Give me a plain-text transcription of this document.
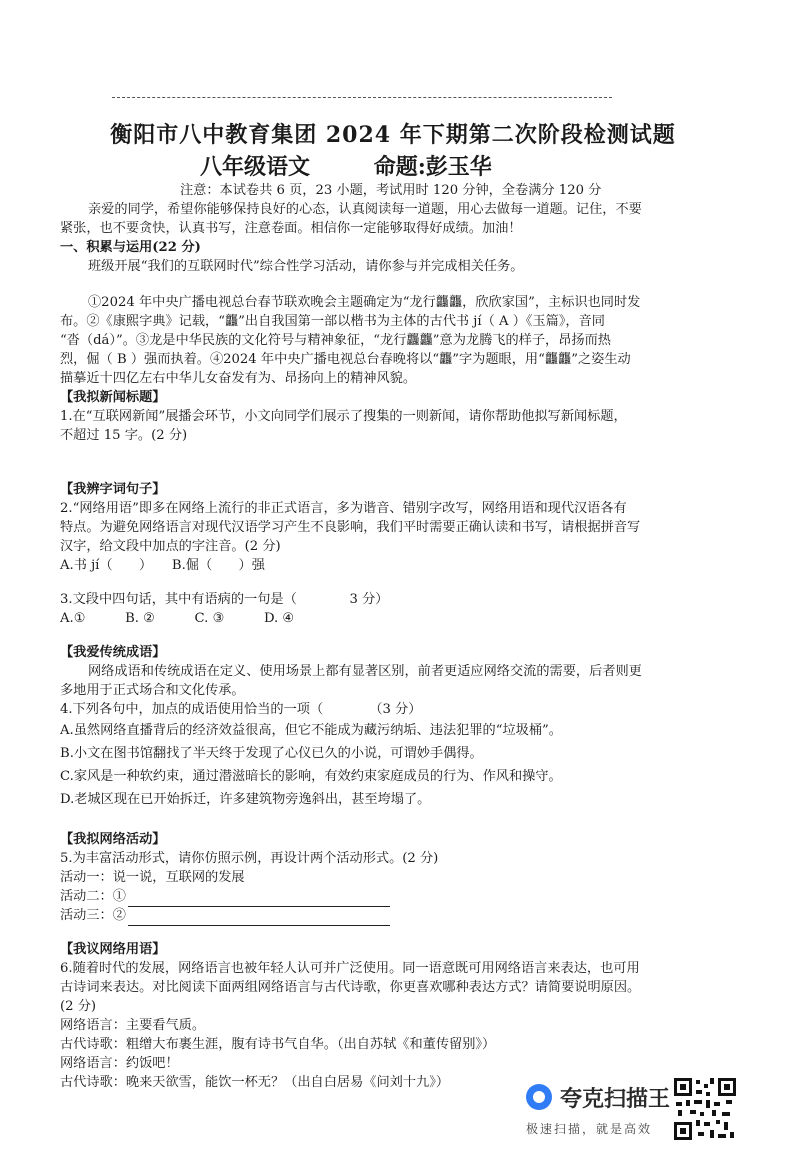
衡阳市八中教育集团 2024 年下期第二次阶段检测试题
八年级语文	命题:彭玉华
注意：本试卷共 6 页，23 小题，考试用时 120 分钟，全卷满分 120 分
亲爱的同学，希望你能够保持良好的心态，认真阅读每一道题，用心去做每一道题。记住，不要
紧张，也不要贪快，认真书写，注意卷面。相信你一定能够取得好成绩。加油！
一、积累与运用(22 分)
班级开展“我们的互联网时代”综合性学习活动，请你参与并完成相关任务。
①2024 年中央广播电视总台春节联欢晚会主题确定为“龙行龘龘，欣欣家国”，主标识也同时发
布。②《康熙字典》记载，“龘”出自我国第一部以楷书为主体的古代书 jí（ A ）《玉篇》，音同
“沓（dá）”。③龙是中华民族的文化符号与精神象征，“龙行龘龘”意为龙腾飞的样子，昂扬而热
烈，倔（ B ）强而执着。④2024 年中央广播电视总台春晚将以“龘”字为题眼，用“龘龘”之姿生动
描摹近十四亿左右中华儿女奋发有为、昂扬向上的精神风貌。
【我拟新闻标题】
1.在“互联网新闻”展播会环节，小文向同学们展示了搜集的一则新闻，请你帮助他拟写新闻标题，
不超过 15 字。(2 分)
【我辨字词句子】
2.“网络用语”即多在网络上流行的非正式语言，多为谐音、错别字改写，网络用语和现代汉语各有
特点。为避免网络语言对现代汉语学习产生不良影响，我们平时需要正确认读和书写，请根据拼音写
汉字，给文段中加点的字注音。(2 分)
A.书 jí（　　）　　B.倔（　　）强
3.文段中四句话，其中有语病的一句是（　　　　3 分）
A.①　　　B. ②　　　C. ③　　　D. ④
【我爱传统成语】
网络成语和传统成语在定义、使用场景上都有显著区别，前者更适应网络交流的需要，后者则更
多地用于正式场合和文化传承。
4.下列各句中，加点的成语使用恰当的一项（　　　　（3 分）
A.虽然网络直播背后的经济效益很高，但它不能成为藏污纳垢、违法犯罪的“垃圾桶”。
B.小文在图书馆翻找了半天终于发现了心仪已久的小说，可谓妙手偶得。
C.家风是一种软约束，通过潜滋暗长的影响，有效约束家庭成员的行为、作风和操守。
D.老城区现在已开始拆迁，许多建筑物旁逸斜出，甚至垮塌了。
【我拟网络活动】
5.为丰富活动形式，请你仿照示例，再设计两个活动形式。(2 分)
活动一：说一说，互联网的发展
活动二：①
活动三：②
【我议网络用语】
6.随着时代的发展，网络语言也被年轻人认可并广泛使用。同一语意既可用网络语言来表达，也可用
古诗词来表达。对比阅读下面两组网络语言与古代诗歌，你更喜欢哪种表达方式？请简要说明原因。
(2 分)
网络语言：主要看气质。
古代诗歌：粗缯大布裹生涯，腹有诗书气自华。（出自苏轼《和董传留别》）
网络语言：约饭吧！
古代诗歌：晚来天欲雪，能饮一杯无？（出自白居易《问刘十九》）
夸克扫描王
极速扫描，就是高效
